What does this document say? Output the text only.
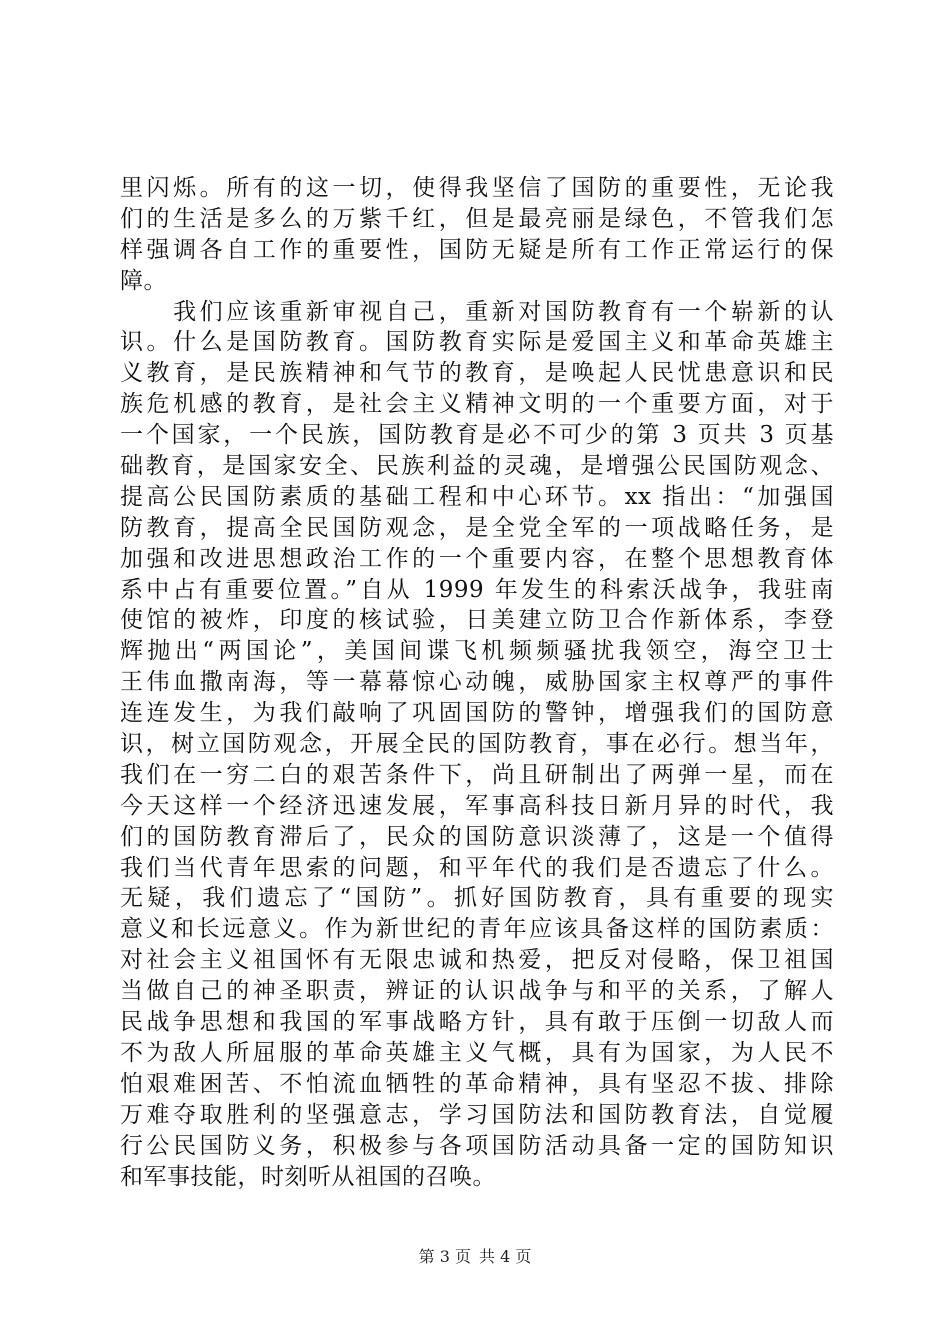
里闪烁。所有的这一切，使得我坚信了国防的重要性，无论我
们的生活是多么的万紫千红，但是最亮丽是绿色，不管我们怎
样强调各自工作的重要性，国防无疑是所有工作正常运行的保
障。
　　我们应该重新审视自己，重新对国防教育有一个崭新的认
识。什么是国防教育。国防教育实际是爱国主义和革命英雄主
义教育，是民族精神和气节的教育，是唤起人民忧患意识和民
族危机感的教育，是社会主义精神文明的一个重要方面，对于
一个国家，一个民族，国防教育是必不可少的第 3 页共 3 页基
础教育，是国家安全、民族利益的灵魂，是增强公民国防观念、
提高公民国防素质的基础工程和中心环节。xx 指出：“加强国
防教育，提高全民国防观念，是全党全军的一项战略任务，是
加强和改进思想政治工作的一个重要内容，在整个思想教育体
系中占有重要位置。”自从 1999 年发生的科索沃战争，我驻南
使馆的被炸，印度的核试验，日美建立防卫合作新体系，李登
辉抛出“两国论”，美国间谍飞机频频骚扰我领空，海空卫士
王伟血撒南海，等一幕幕惊心动魄，威胁国家主权尊严的事件
连连发生，为我们敲响了巩固国防的警钟，增强我们的国防意
识，树立国防观念，开展全民的国防教育，事在必行。想当年，
我们在一穷二白的艰苦条件下，尚且研制出了两弹一星，而在
今天这样一个经济迅速发展，军事高科技日新月异的时代，我
们的国防教育滞后了，民众的国防意识淡薄了，这是一个值得
我们当代青年思索的问题，和平年代的我们是否遗忘了什么。
无疑，我们遗忘了“国防”。抓好国防教育，具有重要的现实
意义和长远意义。作为新世纪的青年应该具备这样的国防素质：
对社会主义祖国怀有无限忠诚和热爱，把反对侵略，保卫祖国
当做自己的神圣职责，辨证的认识战争与和平的关系，了解人
民战争思想和我国的军事战略方针，具有敢于压倒一切敌人而
不为敌人所屈服的革命英雄主义气概，具有为国家，为人民不
怕艰难困苦、不怕流血牺牲的革命精神，具有坚忍不拔、排除
万难夺取胜利的坚强意志，学习国防法和国防教育法，自觉履
行公民国防义务，积极参与各项国防活动具备一定的国防知识
和军事技能，时刻听从祖国的召唤。
第 3 页 共 4 页
